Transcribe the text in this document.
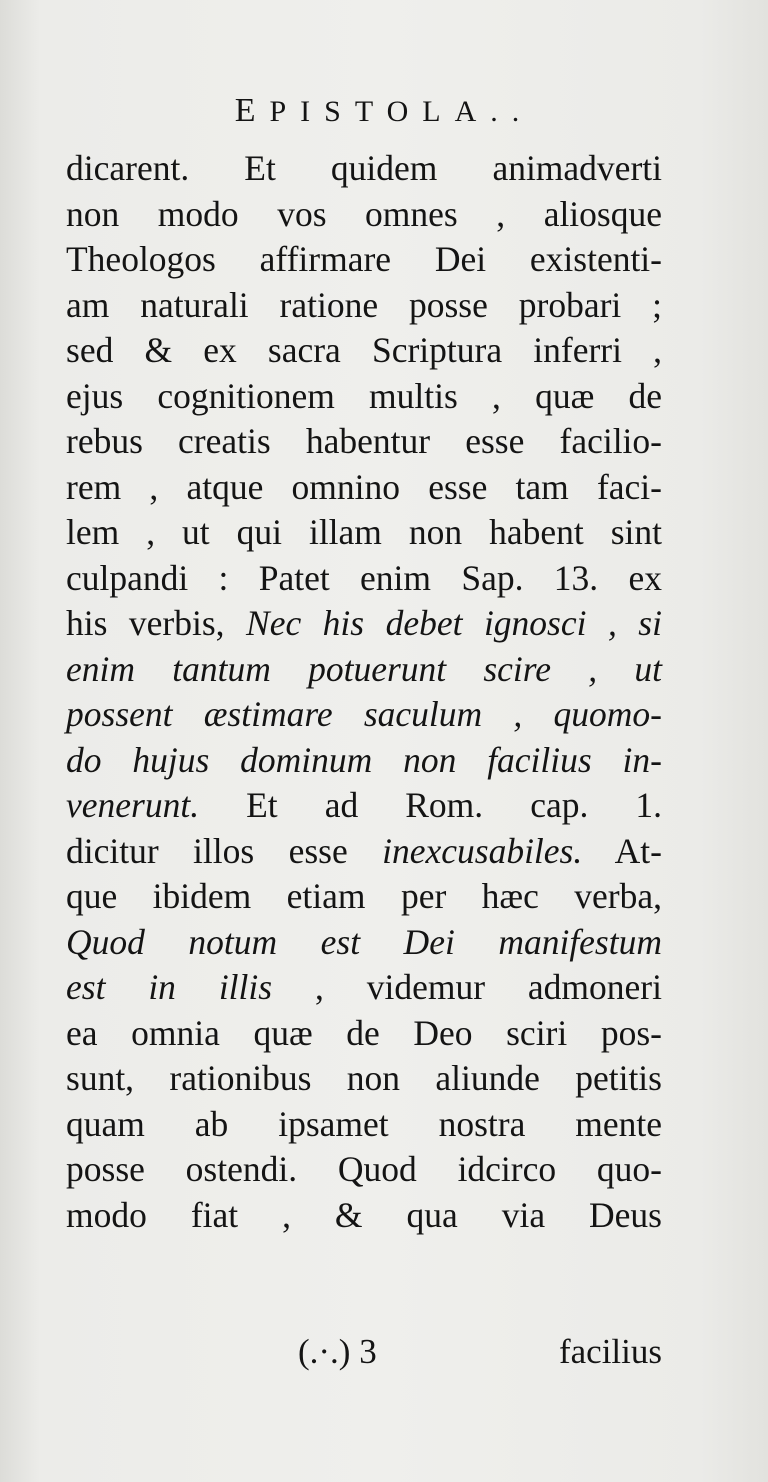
EPISTOLA..
dicarent. Et quidem animadverti
non modo vos omnes , aliosque
Theologos affirmare Dei existenti-
am naturali ratione posse probari ;
sed & ex sacra Scriptura inferri ,
ejus cognitionem multis , quæ de
rebus creatis habentur esse facilio-
rem , atque omnino esse tam faci-
lem , ut qui illam non habent sint
culpandi : Patet enim Sap. 13. ex
his verbis, Nec his debet ignosci , si
enim tantum potuerunt scire , ut
possent æstimare saculum , quomo-
do hujus dominum non facilius in-
venerunt. Et ad Rom. cap. 1.
dicitur illos esse inexcusabiles. At-
que ibidem etiam per hæc verba,
Quod notum est Dei manifestum
est in illis , videmur admoneri
ea omnia quæ de Deo sciri pos-
sunt, rationibus non aliunde petitis
quam ab ipsamet nostra mente
posse ostendi. Quod idcirco quo-
modo fiat , & qua via Deus
(.·.) 3	facilius
